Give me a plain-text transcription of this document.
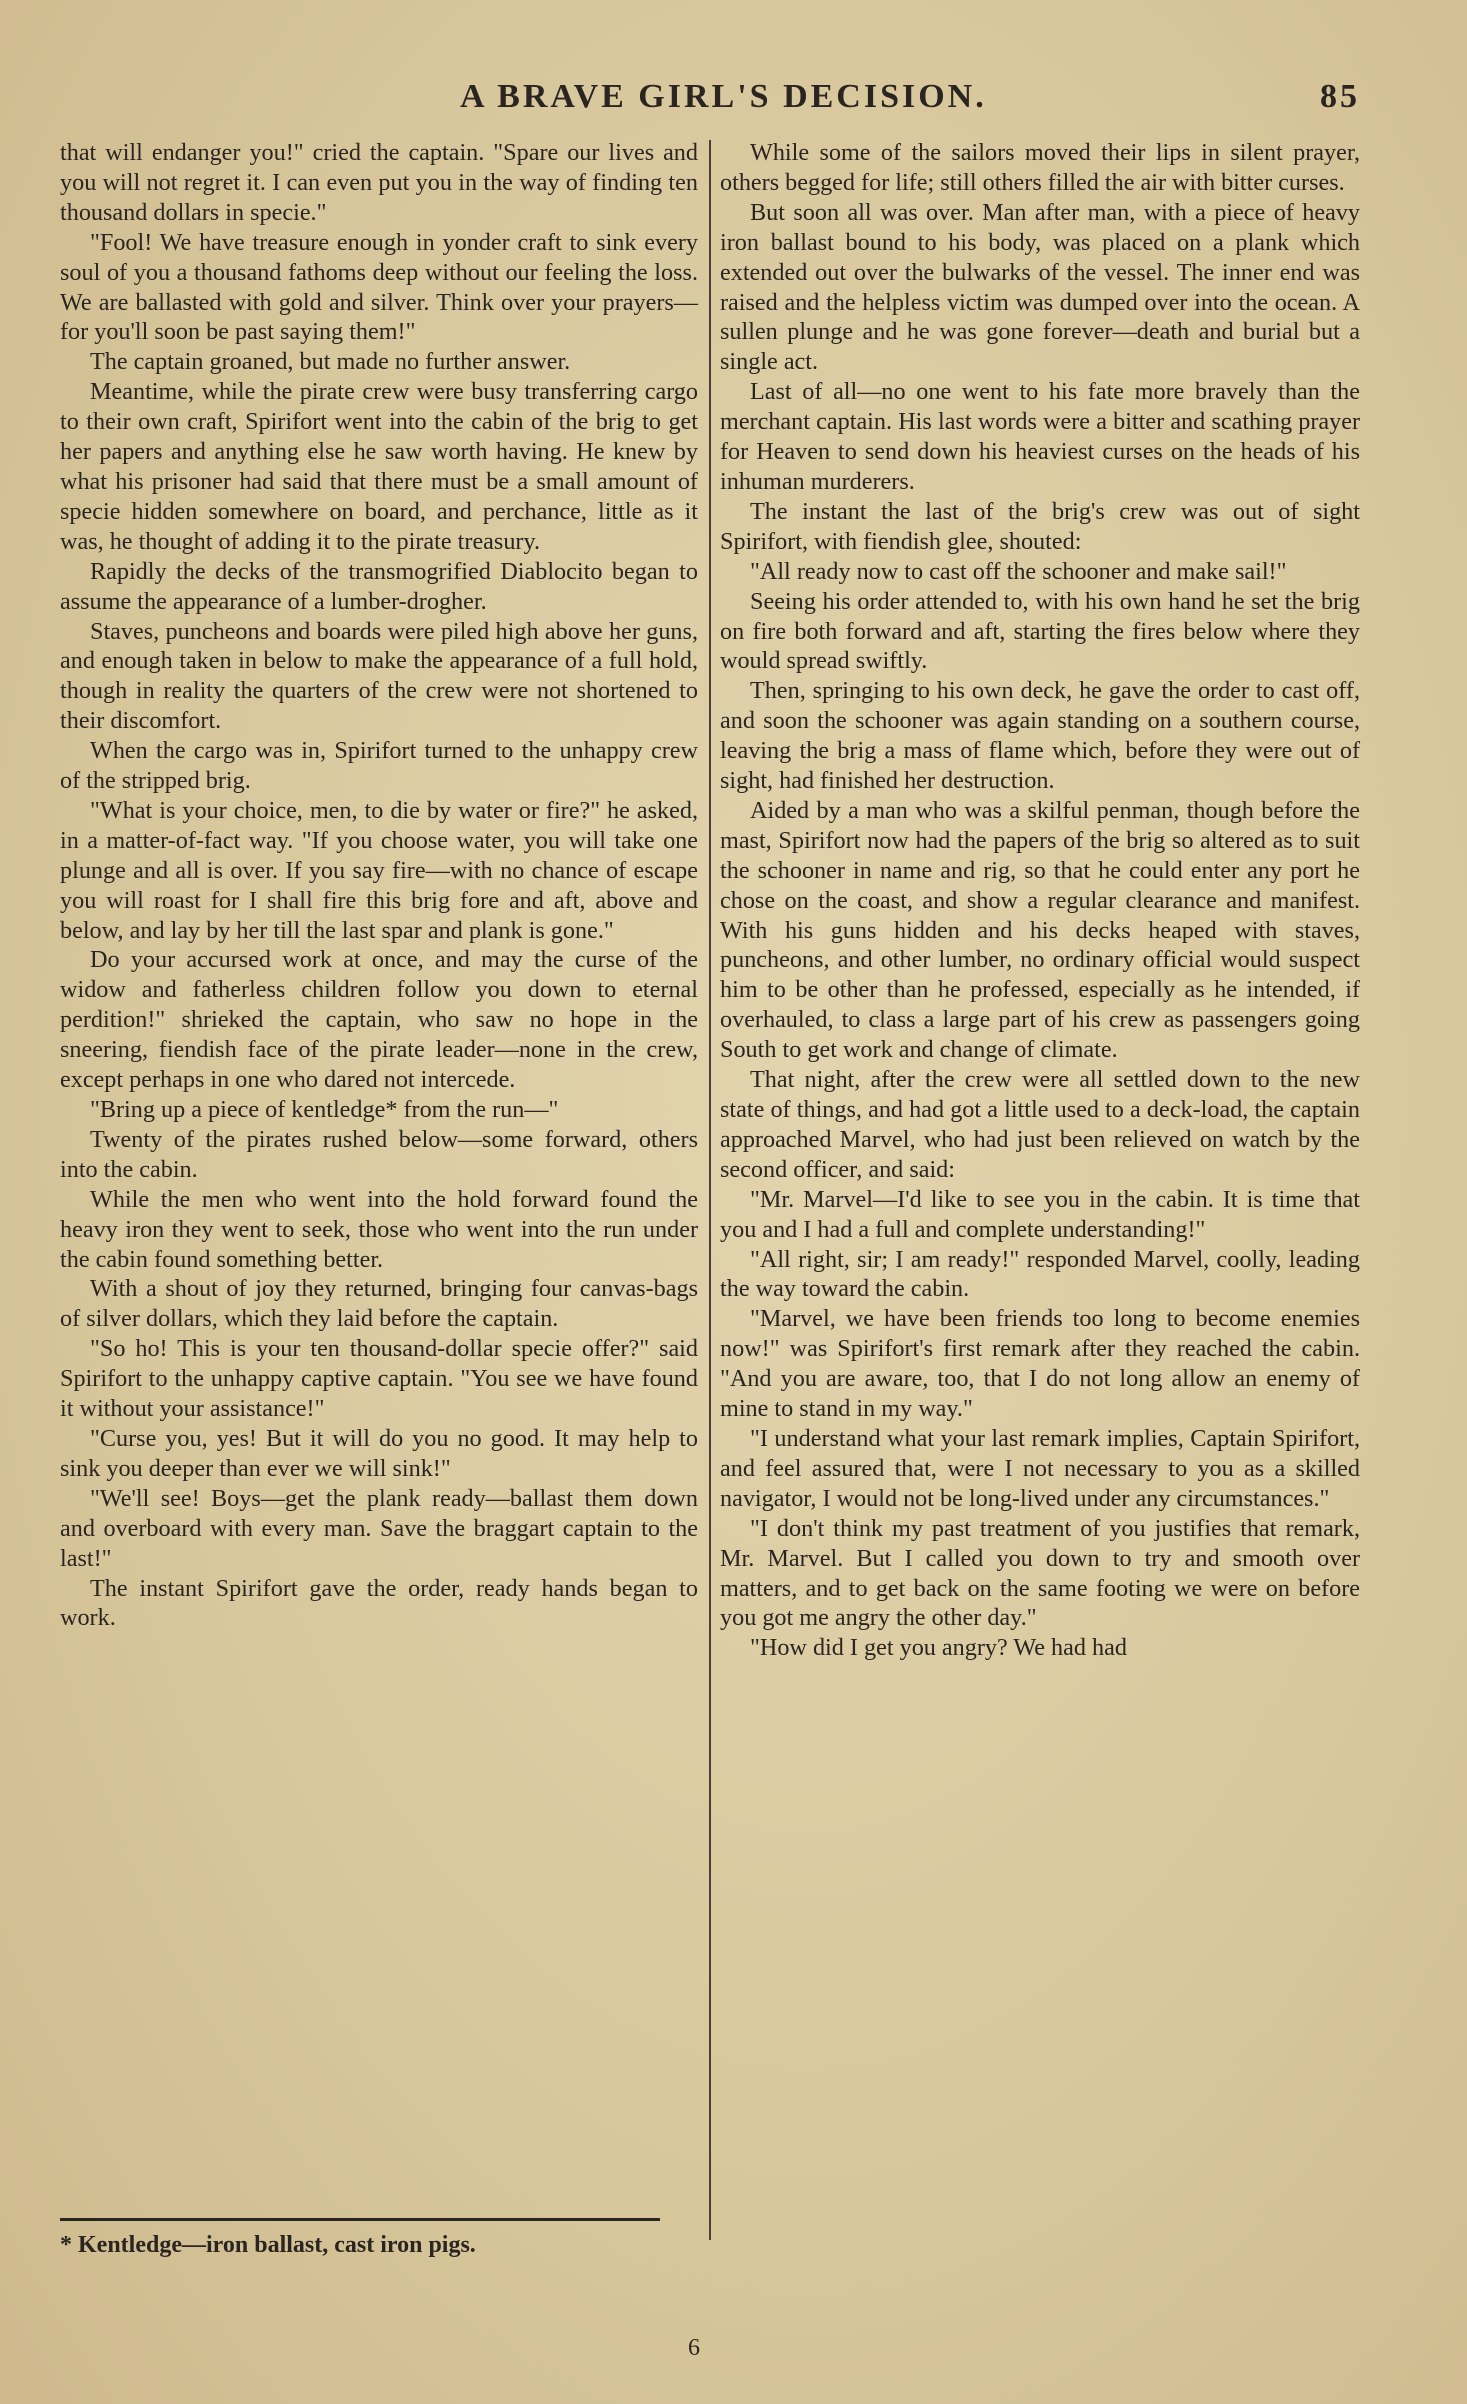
A BRAVE GIRL'S DECISION.	85

that will endanger you!" cried the captain. "Spare our lives and you will not regret it. I can even put you in the way of finding ten thousand dollars in specie."

"Fool! We have treasure enough in yonder craft to sink every soul of you a thousand fathoms deep without our feeling the loss. We are ballasted with gold and silver. Think over your prayers—for you'll soon be past saying them!"

The captain groaned, but made no further answer.

Meantime, while the pirate crew were busy transferring cargo to their own craft, Spirifort went into the cabin of the brig to get her papers and anything else he saw worth having. He knew by what his prisoner had said that there must be a small amount of specie hidden somewhere on board, and perchance, little as it was, he thought of adding it to the pirate treasury.

Rapidly the decks of the transmogrified Diablocito began to assume the appearance of a lumber-drogher.

Staves, puncheons and boards were piled high above her guns, and enough taken in below to make the appearance of a full hold, though in reality the quarters of the crew were not shortened to their discomfort.

When the cargo was in, Spirifort turned to the unhappy crew of the stripped brig.

"What is your choice, men, to die by water or fire?" he asked, in a matter-of-fact way. "If you choose water, you will take one plunge and all is over. If you say fire—with no chance of escape you will roast for I shall fire this brig fore and aft, above and below, and lay by her till the last spar and plank is gone."

Do your accursed work at once, and may the curse of the widow and fatherless children follow you down to eternal perdition!" shrieked the captain, who saw no hope in the sneering, fiendish face of the pirate leader—none in the crew, except perhaps in one who dared not intercede.

"Bring up a piece of kentledge* from the run—"

Twenty of the pirates rushed below—some forward, others into the cabin.

While the men who went into the hold forward found the heavy iron they went to seek, those who went into the run under the cabin found something better.

With a shout of joy they returned, bringing four canvas-bags of silver dollars, which they laid before the captain.

"So ho! This is your ten thousand-dollar specie offer?" said Spirifort to the unhappy captive captain. "You see we have found it without your assistance!"

"Curse you, yes! But it will do you no good. It may help to sink you deeper than ever we will sink!"

"We'll see! Boys—get the plank ready—ballast them down and overboard with every man. Save the braggart captain to the last!"

The instant Spirifort gave the order, ready hands began to work.

While some of the sailors moved their lips in silent prayer, others begged for life; still others filled the air with bitter curses.

But soon all was over. Man after man, with a piece of heavy iron ballast bound to his body, was placed on a plank which extended out over the bulwarks of the vessel. The inner end was raised and the helpless victim was dumped over into the ocean. A sullen plunge and he was gone forever—death and burial but a single act.

Last of all—no one went to his fate more bravely than the merchant captain. His last words were a bitter and scathing prayer for Heaven to send down his heaviest curses on the heads of his inhuman murderers.

The instant the last of the brig's crew was out of sight Spirifort, with fiendish glee, shouted:

"All ready now to cast off the schooner and make sail!"

Seeing his order attended to, with his own hand he set the brig on fire both forward and aft, starting the fires below where they would spread swiftly.

Then, springing to his own deck, he gave the order to cast off, and soon the schooner was again standing on a southern course, leaving the brig a mass of flame which, before they were out of sight, had finished her destruction.

Aided by a man who was a skilful penman, though before the mast, Spirifort now had the papers of the brig so altered as to suit the schooner in name and rig, so that he could enter any port he chose on the coast, and show a regular clearance and manifest. With his guns hidden and his decks heaped with staves, puncheons, and other lumber, no ordinary official would suspect him to be other than he professed, especially as he intended, if overhauled, to class a large part of his crew as passengers going South to get work and change of climate.

That night, after the crew were all settled down to the new state of things, and had got a little used to a deck-load, the captain approached Marvel, who had just been relieved on watch by the second officer, and said:

"Mr. Marvel—I'd like to see you in the cabin. It is time that you and I had a full and complete understanding!"

"All right, sir; I am ready!" responded Marvel, coolly, leading the way toward the cabin.

"Marvel, we have been friends too long to become enemies now!" was Spirifort's first remark after they reached the cabin. "And you are aware, too, that I do not long allow an enemy of mine to stand in my way."

"I understand what your last remark implies, Captain Spirifort, and feel assured that, were I not necessary to you as a skilled navigator, I would not be long-lived under any circumstances."

"I don't think my past treatment of you justifies that remark, Mr. Marvel. But I called you down to try and smooth over matters, and to get back on the same footing we were on before you got me angry the other day."

"How did I get you angry? We had had

* Kentledge—iron ballast, cast iron pigs.
6
